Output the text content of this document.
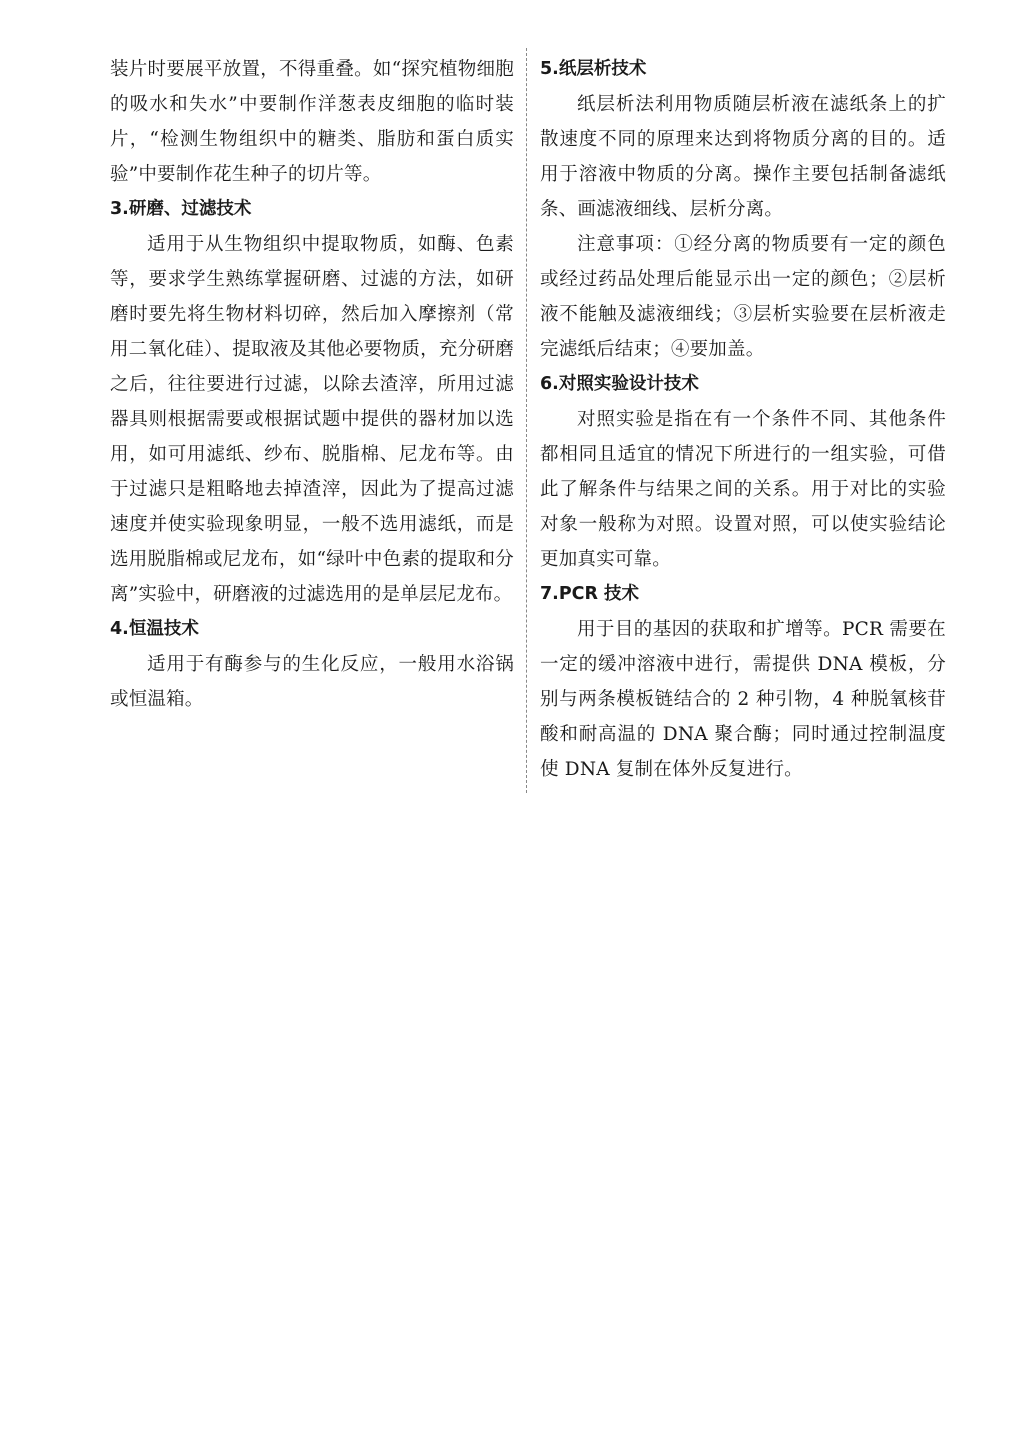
装片时要展平放置，不得重叠。如“探究植物细胞的吸水和失水”中要制作洋葱表皮细胞的临时装片，“检测生物组织中的糖类、脂肪和蛋白质实验”中要制作花生种子的切片等。

3.研磨、过滤技术

适用于从生物组织中提取物质，如酶、色素等，要求学生熟练掌握研磨、过滤的方法，如研磨时要先将生物材料切碎，然后加入摩擦剂（常用二氧化硅）、提取液及其他必要物质，充分研磨之后，往往要进行过滤，以除去渣滓，所用过滤器具则根据需要或根据试题中提供的器材加以选用，如可用滤纸、纱布、脱脂棉、尼龙布等。由于过滤只是粗略地去掉渣滓，因此为了提高过滤速度并使实验现象明显，一般不选用滤纸，而是选用脱脂棉或尼龙布，如“绿叶中色素的提取和分离”实验中，研磨液的过滤选用的是单层尼龙布。

4.恒温技术

适用于有酶参与的生化反应，一般用水浴锅或恒温箱。

5.纸层析技术

纸层析法利用物质随层析液在滤纸条上的扩散速度不同的原理来达到将物质分离的目的。适用于溶液中物质的分离。操作主要包括制备滤纸条、画滤液细线、层析分离。

注意事项：①经分离的物质要有一定的颜色或经过药品处理后能显示出一定的颜色；②层析液不能触及滤液细线；③层析实验要在层析液走完滤纸后结束；④要加盖。

6.对照实验设计技术

对照实验是指在有一个条件不同、其他条件都相同且适宜的情况下所进行的一组实验，可借此了解条件与结果之间的关系。用于对比的实验对象一般称为对照。设置对照，可以使实验结论更加真实可靠。

7.PCR 技术

用于目的基因的获取和扩增等。PCR 需要在一定的缓冲溶液中进行，需提供 DNA 模板，分别与两条模板链结合的 2 种引物，4 种脱氧核苷酸和耐高温的 DNA 聚合酶；同时通过控制温度使 DNA 复制在体外反复进行。
